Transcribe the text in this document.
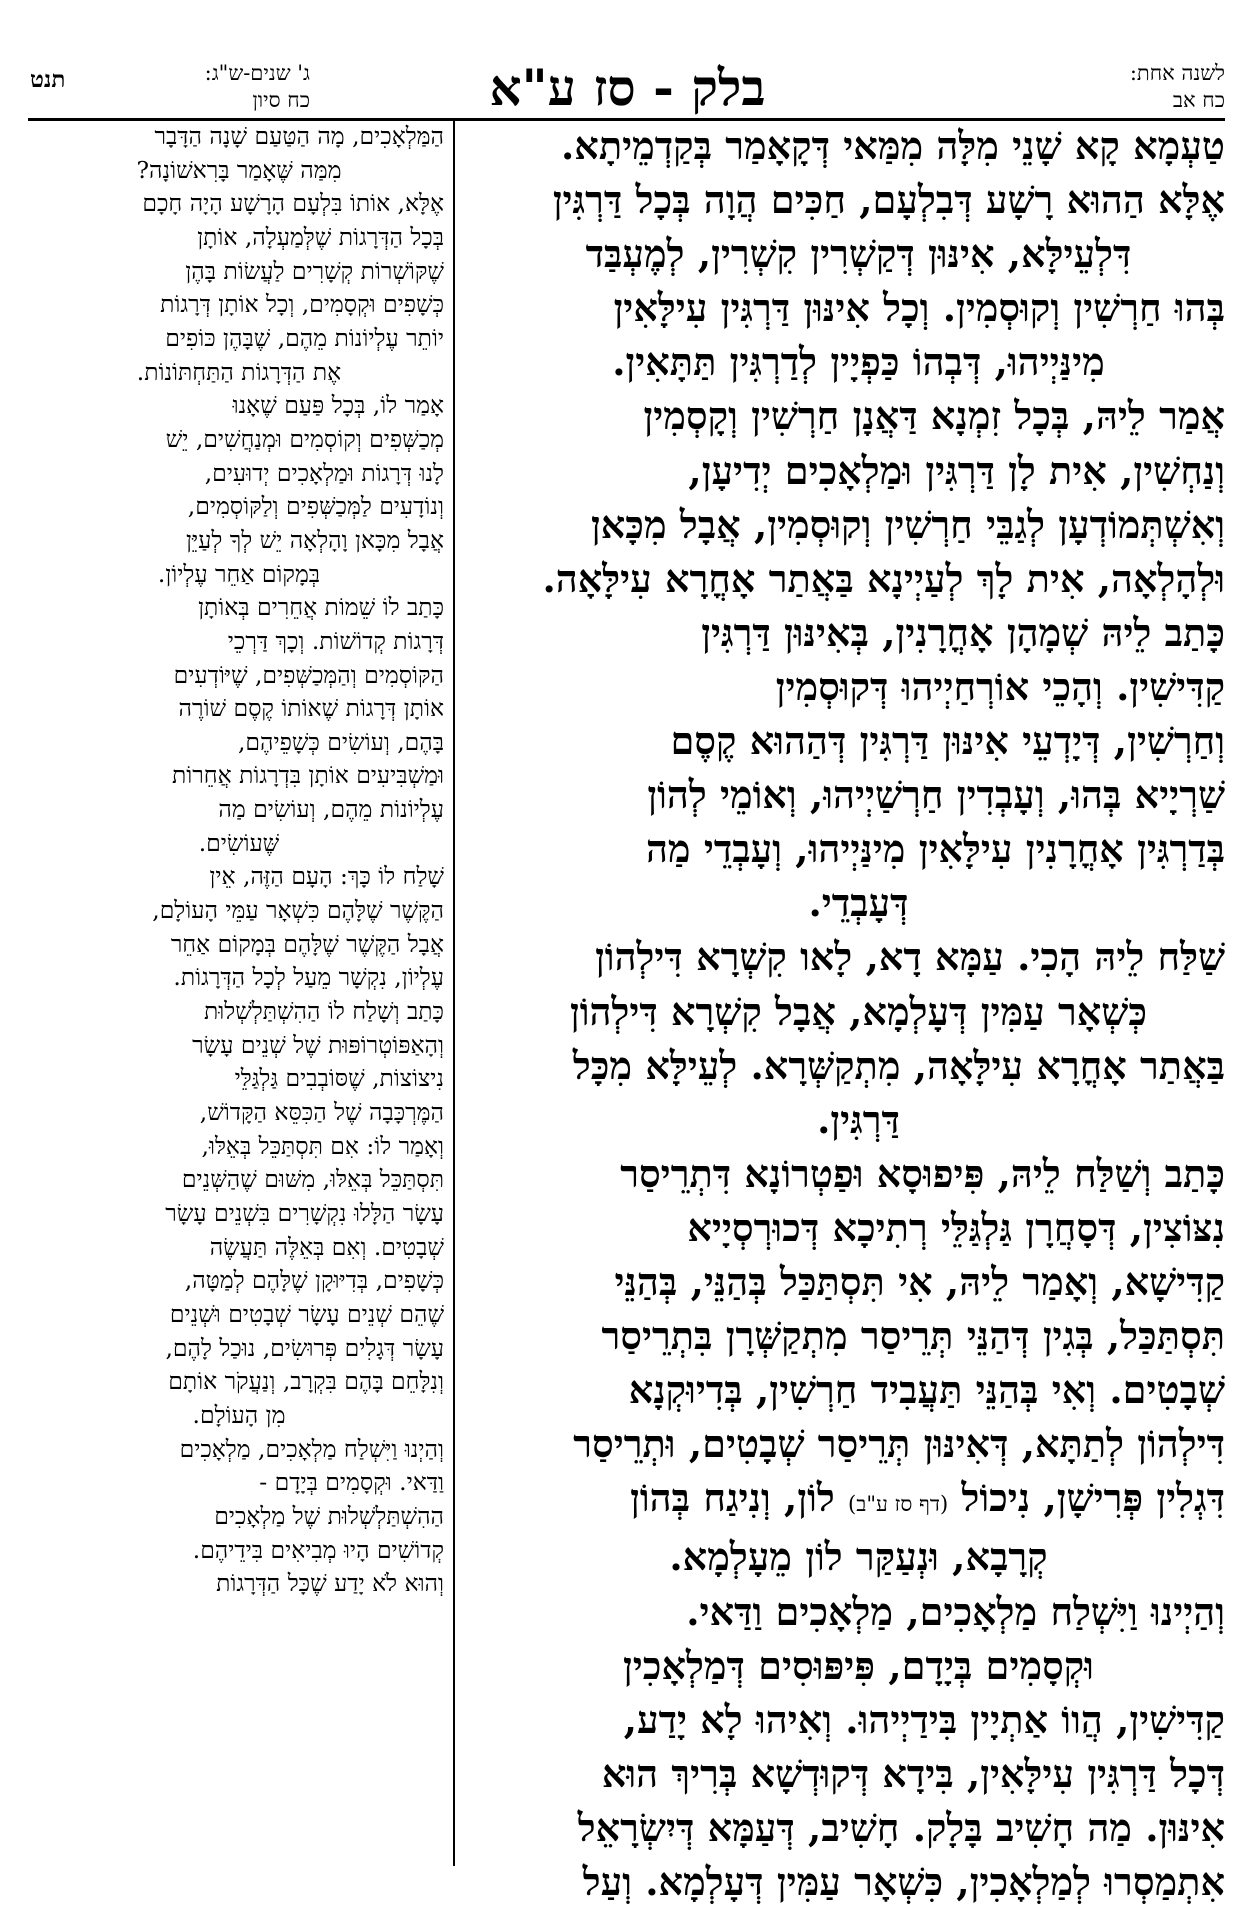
לשנה אחת:
כח אב
בלק - סז ע"א
ג' שנים-ש"ג:
כח סיון
תנט

טַעְמָא קָא שָׁנֵי מִלָּה מִמַּאי דְּקָאָמַר בְּקַדְמֵיתָא.

אֶלָּא הַהוּא רָשָׁע דְּבִלְעָם, חַכִּים הֲוָה בְּכָל דַּרְגִּין

דִּלְעֵילָּא, אִינּוּן דְּקַשְׁרִין קִשְׁרִין, לְמֶעְבַּד

בְּהוּ חַרְשִׁין וְקוּסְמִין. וְכָל אִינּוּן דַּרְגִּין עִילָּאִין

מִינַּיְיהוּ, דְּבְהוֹ כַּפְיָין לְדַרְגִּין תַּתָּאִין.

אֲמַר לֵיהּ, בְּכָל זִמְנָא דַּאֲנָן חַרְשִׁין וְקָסְמִין

וְנַחְשִׁין, אִית לָן דַּרְגִּין וּמַלְאָכִים יְדִיעָן,

וְאִשְׁתְּמוֹדְעָן לְגַבֵּי חַרְשִׁין וְקוּסְמִין, אֲבָל מִכָּאן

וּלְהָלְאָה, אִית לָךְ לְעַיְינָא בַּאֲתַר אָחֳרָא עִילָּאָה.

כָּתַב לֵיהּ שְׁמָהָן אָחֳרָנִין, בְּאִינּוּן דַּרְגִּין

קַדִּישִׁין. וְהָכֵי אוֹרְחַיְיהוּ דְּקוּסְמִין

וְחַרְשִׁין, דְּיָדְעֵי אִינּוּן דַּרְגִּין דְּהַהוּא קֶסֶם

שַׁרְיָיא בְּהוּ, וְעָבְדִין חַרְשַׁיְיהוּ, וְאוֹמֵי לְהוֹן

בְּדַרְגִּין אָחֳרָנִין עִילָּאִין מִינַּיְיהוּ, וְעָבְדֵי מַה

דְּעָבְדֵי.

שַׁלַּח לֵיהּ הָכִי. עַמָּא דָא, לָאו קִשְׁרָא דִּילְהוֹן

כְּשְׁאָר עַמִּין דְּעָלְמָא, אֲבָל קִשְׁרָא דִּילְהוֹן

בַּאֲתַר אָחֳרָא עִילָּאָה, מִתְקַשְּׁרָא. לְעֵילָּא מִכָּל

דַּרְגִּין.

כָּתַב וְשַׁלַּח לֵיהּ, פִּיפוּסָא וּפַטְרוֹנָא דִּתְרֵיסַר

נִצּוֹצִין, דְּסָחֲרָן גַּלְגַּלֵּי רְתִיכָא דְּכוּרְסְיָיא

קַדִּישָׁא, וְאָמַר לֵיהּ, אִי תִּסְתַּכַּל בְּהַנֵּי, בְּהַנֵּי

תִּסְתַּכַּל, בְּגִין דְּהַנֵּי תְּרֵיסַר מִתְקַשְּׁרָן בִּתְרֵיסַר

שְׁבָטִים. וְאִי בְּהַנֵּי תַּעֲבִיד חַרְשִׁין, בְּדִיוּקְנָא

דִּילְהוֹן לְתַתָּא, דְּאִינּוּן תְּרֵיסַר שְׁבָטִים, וּתְרֵיסַר

דִּגְלִין פְּרִישָׁן, נִיכוֹל (דף סז ע"ב) לוֹן, וְנִיגַח בְּהוֹן

קְרָבָא, וּנְעַקַּר לוֹן מֵעָלְמָא.

וְהַיְינוּ וַיִּשְׁלַח מַלְאָכִים, מַלְאָכִים וַדַּאי.

וּקְסָמִים בְּיָדָם, פִּיפּוּסִים דְּמַלְאָכִין

קַדִּישִׁין, הֲווֹ אַתְיָין בִּידַיְיהוּ. וְאִיהוּ לָא יָדַע,

דְּכָל דַּרְגִּין עִילָּאִין, בִּידָא דְּקוּדְשָׁא בְּרִיךְ הוּא

אִינּוּן. מַה חָשִׁיב בָּלָק. חָשִׁיב, דְּעַמָּא דְּיִשְׂרָאֵל

אִתְמַסְרוּ לְמַלְאָכִין, כִּשְׁאָר עַמִּין דְּעָלְמָא. וְעַל

הַמַּלְאָכִים, מָה הַטַּעַם שָׁנָה הַדָּבָר

מִמַּה שֶּׁאָמַר בָּרִאשׁוֹנָה?

אֶלָּא, אוֹתוֹ בִּלְעָם הָרָשָׁע הָיָה חָכָם

בְּכָל הַדְּרָגוֹת שֶׁלְּמַעְלָה, אוֹתָן

שֶׁקּוֹשְׁרוֹת קְשָׁרִים לַעֲשׂוֹת בָּהֶן

כְּשָׁפִים וּקְסָמִים, וְכָל אוֹתָן דְּרָגוֹת

יוֹתֵר עֶלְיוֹנוֹת מֵהֶם, שֶׁבָּהֶן כּוֹפִים

אֶת הַדְּרָגוֹת הַתַּחְתּוֹנוֹת.

אָמַר לוֹ, בְּכָל פַּעַם שֶׁאָנוּ

מְכַשְּׁפִים וְקוֹסְמִים וּמְנַחֲשִׁים, יֵשׁ

לָנוּ דְּרָגוֹת וּמַלְאָכִים יְדוּעִים,

וְנוֹדָעִים לַמְּכַשְּׁפִים וְלַקּוֹסְמִים,

אֲבָל מִכָּאן וָהָלְאָה יֵשׁ לְךָ לְעַיֵּן

בְּמָקוֹם אַחֵר עֶלְיוֹן.

כָּתַב לוֹ שֵׁמוֹת אֲחֵרִים בְּאוֹתָן

דְּרָגוֹת קְדוֹשׁוֹת. וְכָךְ דַּרְכֵי

הַקּוֹסְמִים וְהַמְּכַשְּׁפִים, שֶׁיּוֹדְעִים

אוֹתָן דְּרָגוֹת שֶׁאוֹתוֹ קֶסֶם שׁוֹרֶה

בָּהֶם, וְעוֹשִׂים כְּשָׁפֵיהֶם,

וּמַשְׁבִּיעִים אוֹתָן בִּדְרָגוֹת אֲחֵרוֹת

עֶלְיוֹנוֹת מֵהֶם, וְעוֹשִׂים מַה

שֶּׁעוֹשִׂים.

שָׁלַח לוֹ כָּךְ: הָעָם הַזֶּה, אֵין

הַקֶּשֶׁר שֶׁלָּהֶם כִּשְׁאָר עַמֵּי הָעוֹלָם,

אֲבָל הַקֶּשֶׁר שֶׁלָּהֶם בְּמָקוֹם אַחֵר

עֶלְיוֹן, נִקְשָׁר מֵעַל לְכָל הַדְּרָגוֹת.

כָּתַב וְשָׁלַח לוֹ הַהִשְׁתַּלְשְׁלוּת

וְהָאַפּוֹטְרוֹפּוּת שֶׁל שְׁנֵים עָשָׂר

נִיצוֹצוֹת, שֶׁסּוֹבְבִים גַּלְגַּלֵּי

הַמֶּרְכָּבָה שֶׁל הַכִּסֵּא הַקָּדוֹשׁ,

וְאָמַר לוֹ: אִם תִּסְתַּכֵּל בְּאֵלּוּ,

תִּסְתַּכֵּל בְּאֵלּוּ, מִשּׁוּם שֶׁהַשְּׁנֵים

עָשָׂר הַלָּלוּ נִקְשָׁרִים בִּשְׁנֵים עָשָׂר

שְׁבָטִים. וְאִם בְּאֵלֶּה תַּעֲשֶׂה

כְּשָׁפִים, בְּדִיּוּקָן שֶׁלָּהֶם לְמַטָּה,

שֶׁהֵם שְׁנֵים עָשָׂר שְׁבָטִים וּשְׁנֵים

עָשָׂר דְּגָלִים פְּרוּשִׂים, נוּכַל לָהֶם,

וְנִלָּחֵם בָּהֶם בִּקְרָב, וְנַעֲקֹר אוֹתָם

מִן הָעוֹלָם.

וְהַיְנוּ וַיִּשְׁלַח מַלְאָכִים, מַלְאָכִים

וַדַּאי. וּקְסָמִים בְּיָדָם -

הַהִשְׁתַּלְשְׁלוּת שֶׁל מַלְאָכִים

קְדוֹשִׁים הָיוּ מְבִיאִים בִּידֵיהֶם.

וְהוּא לֹא יָדַע שֶׁכָּל הַדְּרָגוֹת
